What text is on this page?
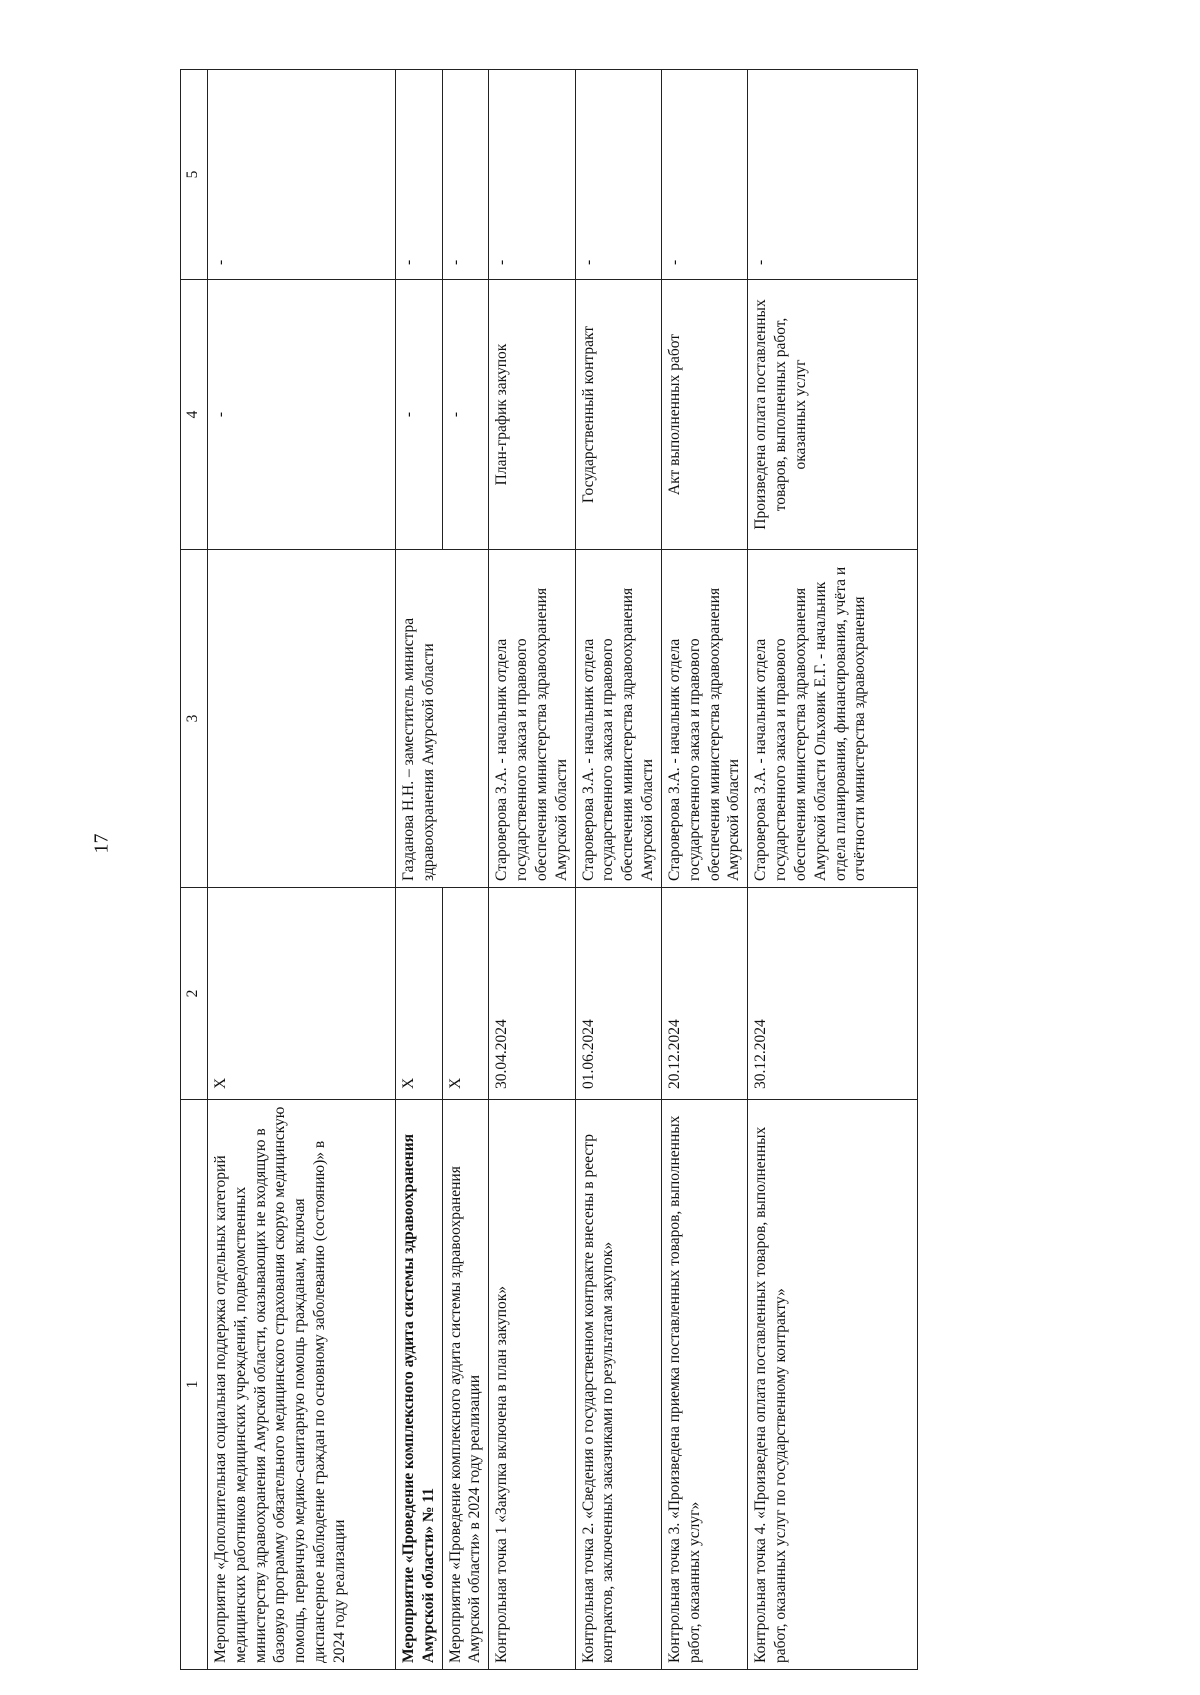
17
1	2	3	4	5
Мероприятие «Дополнительная социальная поддержка отдельных категорий медицинских работников медицинских учреждений, подведомственных министерству здравоохранения Амурской области, оказывающих не входящую в базовую программу обязательного медицинского страхования скорую медицинскую помощь, первичную медико-санитарную помощь гражданам, включая диспансерное наблюдение граждан по основному заболеванию (состоянию)» в 2024 году реализации	Х		-	-
Мероприятие «Проведение комплексного аудита системы здравоохранения Амурской области» № 11	Х	Газданова Н.Н. – заместитель министра здравоохранения Амурской области	-	-
Мероприятие «Проведение комплексного аудита системы здравоохранения Амурской области» в 2024 году реализации	Х		-	-
Контрольная точка 1 «Закупка включена в план закупок»	30.04.2024	Староверова З.А. - начальник отдела государственного заказа и правового обеспечения министерства здравоохранения Амурской области	План-график закупок	-
Контрольная точка 2. «Сведения о государственном контракте внесены в реестр контрактов, заключенных заказчиками по результатам закупок»	01.06.2024	Староверова З.А. - начальник отдела государственного заказа и правового обеспечения министерства здравоохранения Амурской области	Государственный контракт	-
Контрольная точка 3. «Произведена приемка поставленных товаров, выполненных работ, оказанных услуг»	20.12.2024	Староверова З.А. - начальник отдела государственного заказа и правового обеспечения министерства здравоохранения Амурской области	Акт выполненных работ	-
Контрольная точка 4. «Произведена оплата поставленных товаров, выполненных работ, оказанных услуг по государственному контракту»	30.12.2024	Староверова З.А. - начальник отдела государственного заказа и правового обеспечения министерства здравоохранения Амурской области Ольховик Е.Г. - начальник отдела планирования, финансирования, учёта и отчётности министерства здравоохранения	Произведена оплата поставленных товаров, выполненных работ, оказанных услуг	-
